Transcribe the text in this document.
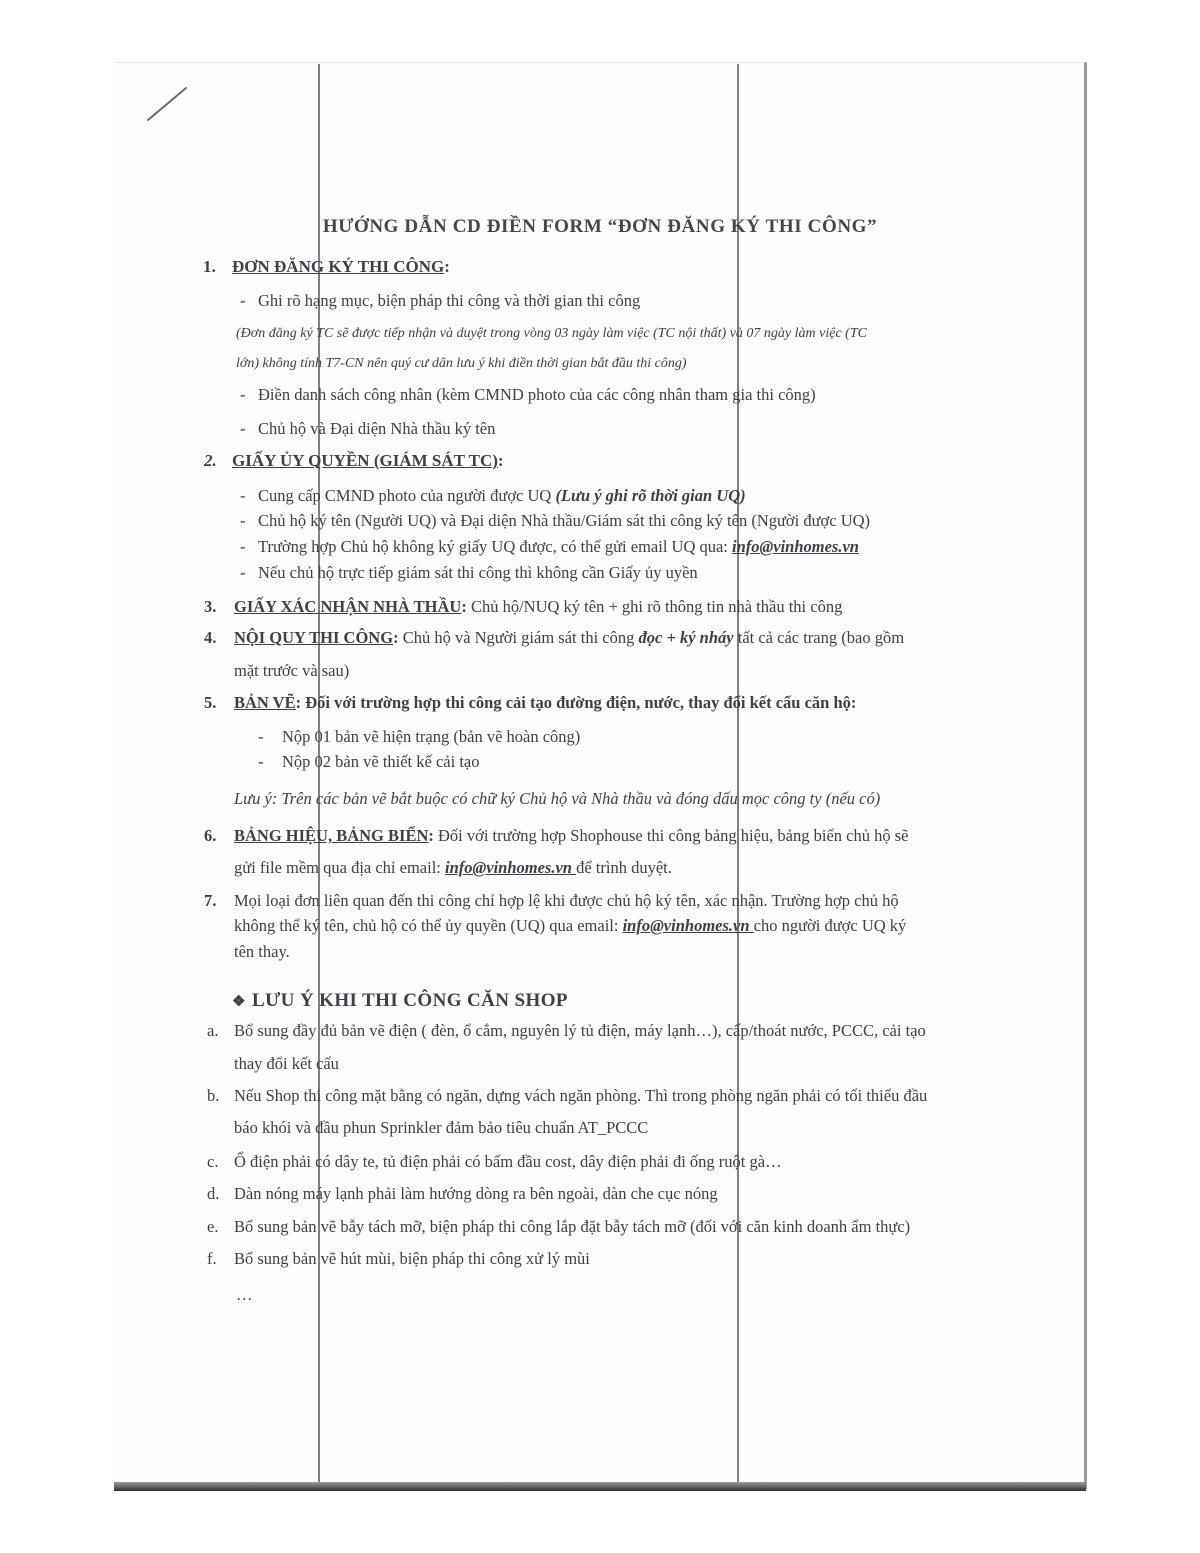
HƯỚNG DẪN CD ĐIỀN FORM “ĐƠN ĐĂNG KÝ THI CÔNG”
1. ĐƠN ĐĂNG KÝ THI CÔNG:
- Ghi rõ hạng mục, biện pháp thi công và thời gian thi công
(Đơn đăng ký TC sẽ được tiếp nhận và duyệt trong vòng 03 ngày làm việc (TC nội thất) và 07 ngày làm việc (TC
lớn) không tính T7-CN nên quý cư dân lưu ý khi điền thời gian bắt đầu thi công)
- Điền danh sách công nhân (kèm CMND photo của các công nhân tham gia thi công)
- Chủ hộ và Đại diện Nhà thầu ký tên
2. GIẤY ỦY QUYỀN (GIÁM SÁT TC):
- Cung cấp CMND photo của người được UQ (Lưu ý ghi rõ thời gian UQ)
- Chủ hộ ký tên (Người UQ) và Đại diện Nhà thầu/Giám sát thi công ký tên (Người được UQ)
- Trường hợp Chủ hộ không ký giấy UQ được, có thể gửi email UQ qua: info@vinhomes.vn
- Nếu chủ hộ trực tiếp giám sát thi công thì không cần Giấy ủy uyền
3. GIẤY XÁC NHẬN NHÀ THẦU: Chủ hộ/NUQ ký tên + ghi rõ thông tin nhà thầu thi công
4. NỘI QUY THI CÔNG: Chủ hộ và Người giám sát thi công đọc + ký nháy tất cả các trang (bao gồm
mặt trước và sau)
5. BẢN VẼ: Đối với trường hợp thi công cải tạo đường điện, nước, thay đổi kết cấu căn hộ:
- Nộp 01 bản vẽ hiện trạng (bản vẽ hoàn công)
- Nộp 02 bản vẽ thiết kế cải tạo
Lưu ý: Trên các bản vẽ bắt buộc có chữ ký Chủ hộ và Nhà thầu và đóng dấu mọc công ty (nếu có)
6. BẢNG HIỆU, BẢNG BIỂN: Đối với trường hợp Shophouse thi công bảng hiệu, bảng biển chủ hộ sẽ
gửi file mềm qua địa chỉ email: info@vinhomes.vn để trình duyệt.
7. Mọi loại đơn liên quan đến thi công chỉ hợp lệ khi được chủ hộ ký tên, xác nhận. Trường hợp chủ hộ
không thể ký tên, chủ hộ có thể ủy quyền (UQ) qua email: info@vinhomes.vn cho người được UQ ký
tên thay.
❖ LƯU Ý KHI THI CÔNG CĂN SHOP
a. Bổ sung đầy đủ bản vẽ điện ( đèn, ổ cắm, nguyên lý tủ điện, máy lạnh…), cấp/thoát nước, PCCC, cải tạo
thay đổi kết cấu
b. Nếu Shop thi công mặt bằng có ngăn, dựng vách ngăn phòng. Thì trong phòng ngăn phải có tối thiểu đầu
báo khói và đầu phun Sprinkler đảm bảo tiêu chuẩn AT_PCCC
c. Ổ điện phải có dây te, tủ điện phải có bấm đầu cost, dây điện phải đi ống ruột gà…
d. Dàn nóng máy lạnh phải làm hướng dòng ra bên ngoài, dàn che cục nóng
e. Bổ sung bản vẽ bẫy tách mỡ, biện pháp thi công lắp đặt bẫy tách mỡ (đối với căn kinh doanh ẩm thực)
f. Bổ sung bản vẽ hút mùi, biện pháp thi công xử lý mùi
…
